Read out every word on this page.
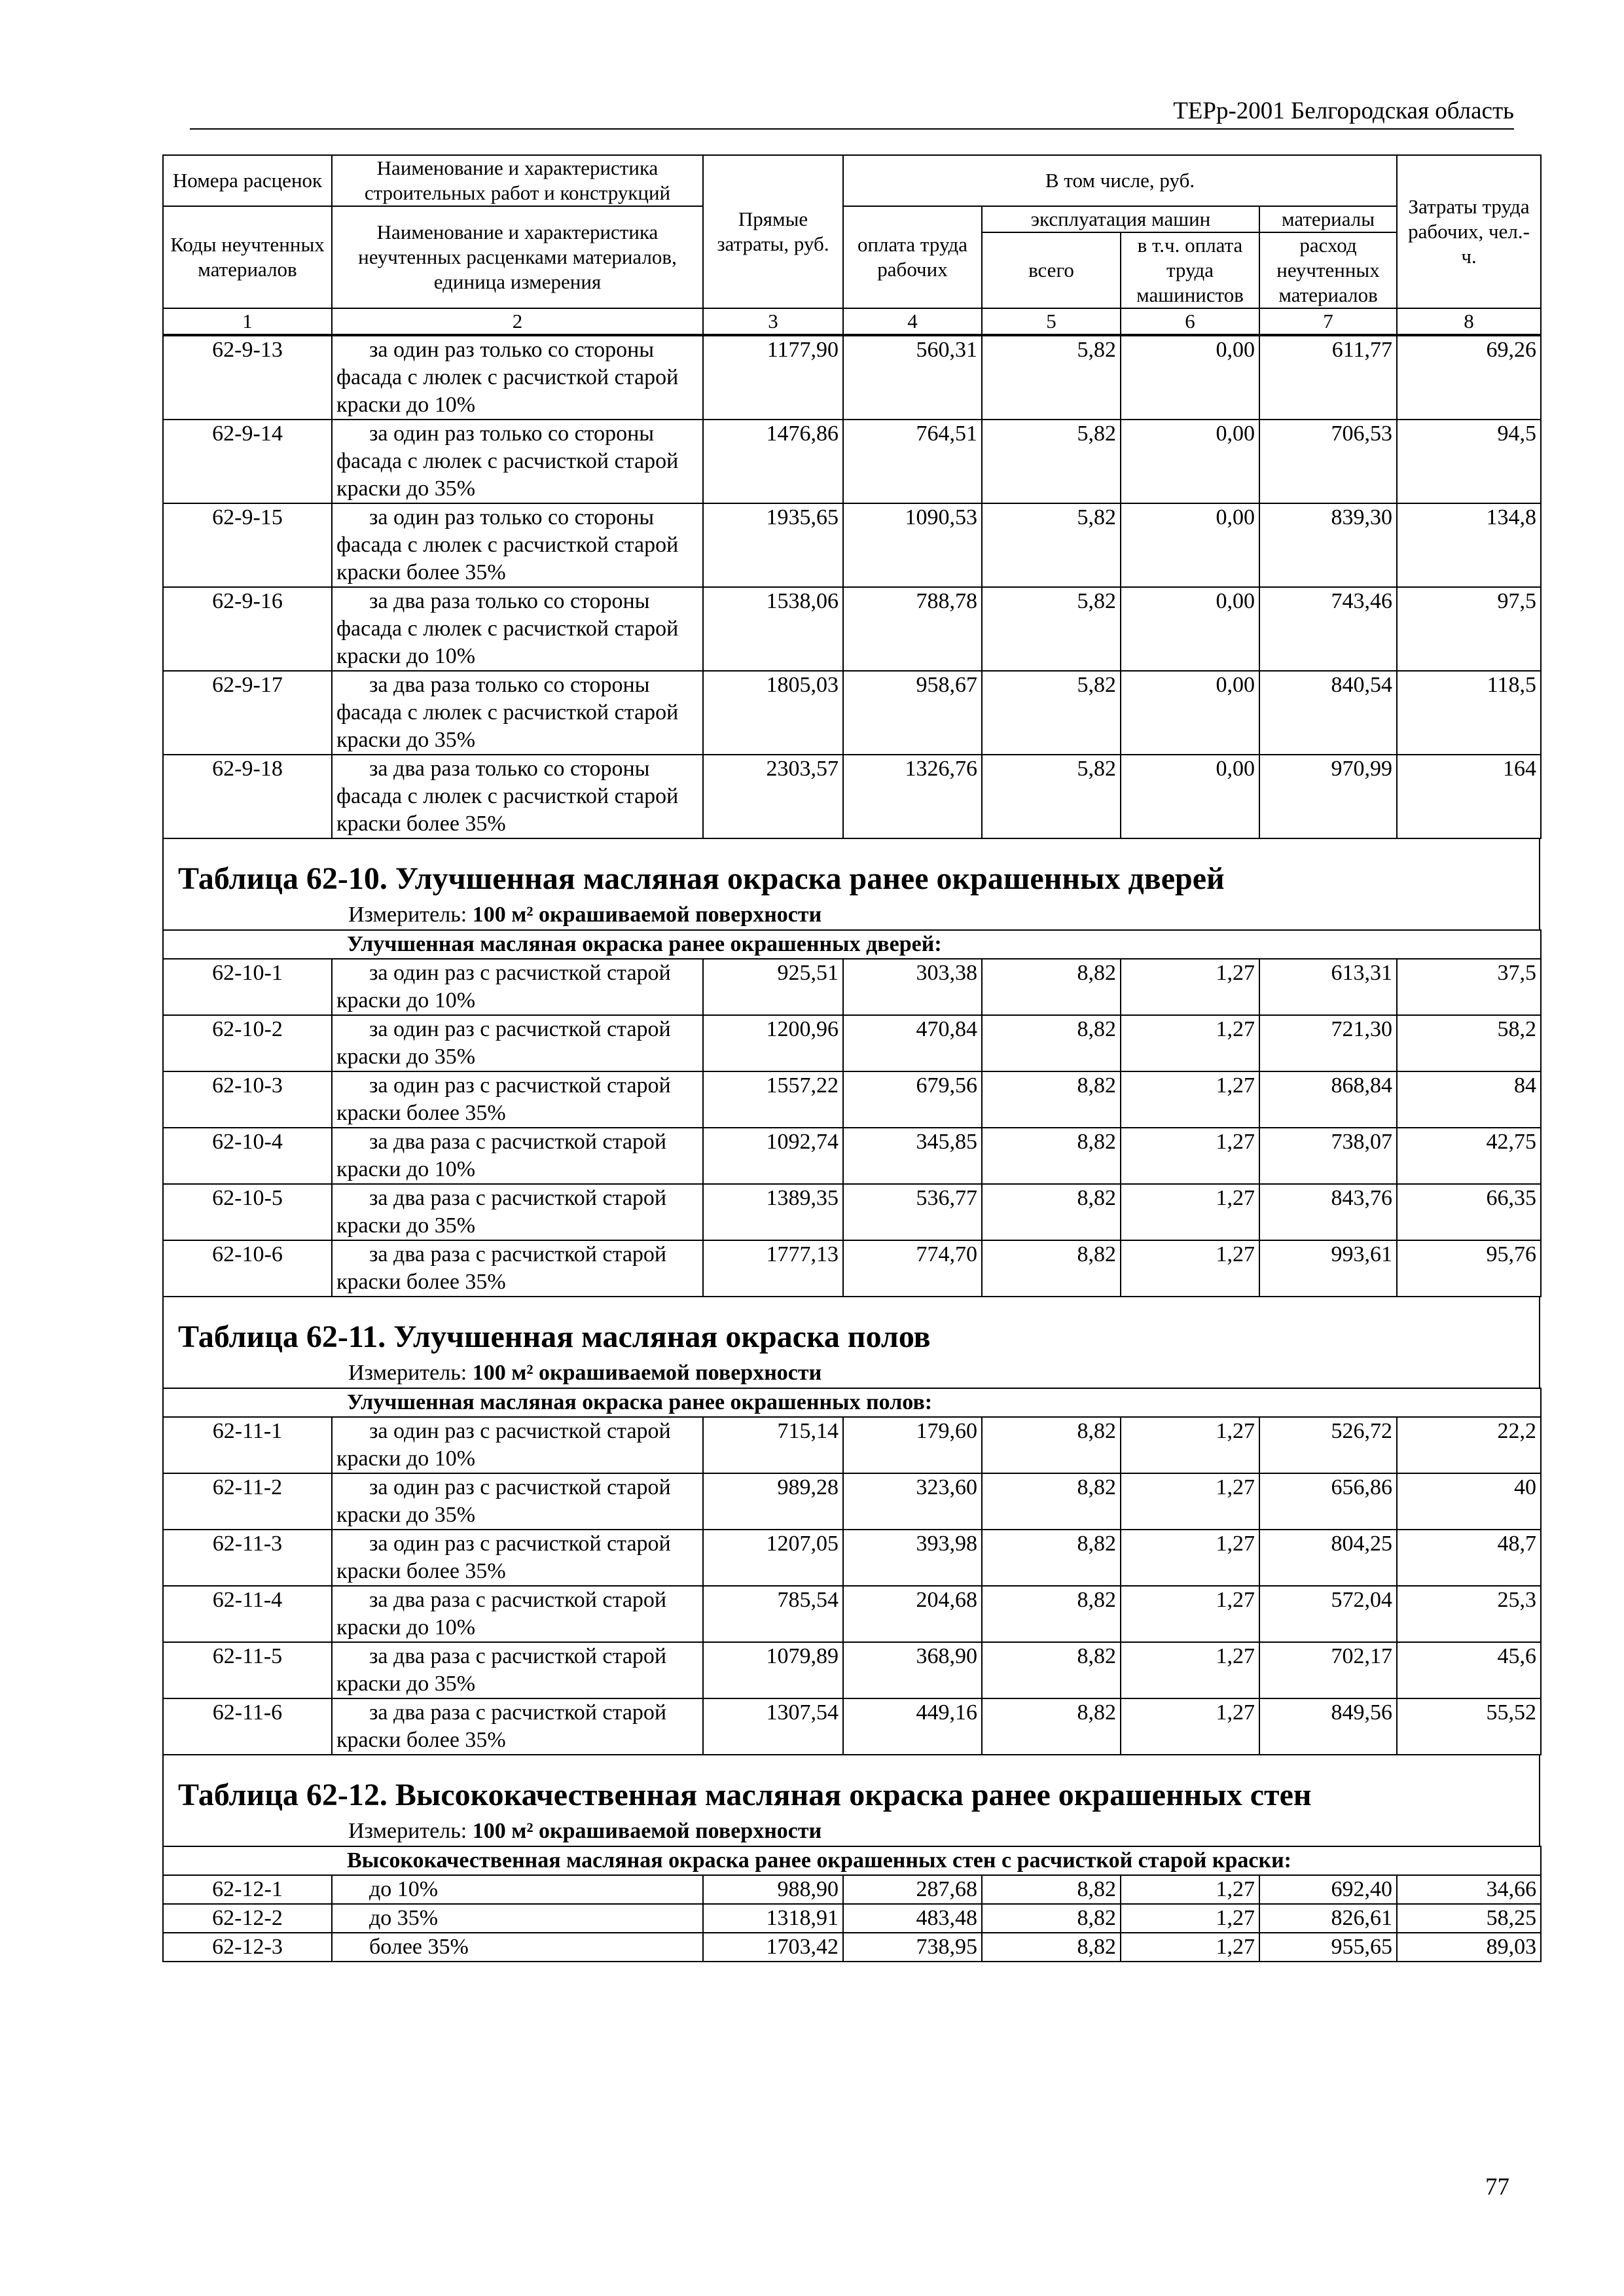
ТЕРр-2001 Белгородская область
Номера расценок	Наименование и характеристика строительных работ и конструкций	Прямые затраты, руб.	В том числе, руб.				Затраты труда рабочих, чел.-ч.
Коды неучтенных материалов	Наименование и характеристика неучтенных расценками материалов, единица измерения		оплата труда рабочих	эксплуатация машин		материалы	
				всего	в т.ч. оплата труда машинистов	расход неучтенных материалов	
1	2	3	4	5	6	7	8
62-9-13	за один раз только со стороны фасада с люлек с расчисткой старой краски до 10%	1177,90	560,31	5,82	0,00	611,77	69,26
62-9-14	за один раз только со стороны фасада с люлек с расчисткой старой краски до 35%	1476,86	764,51	5,82	0,00	706,53	94,5
62-9-15	за один раз только со стороны фасада с люлек с расчисткой старой краски более 35%	1935,65	1090,53	5,82	0,00	839,30	134,8
62-9-16	за два раза только со стороны фасада с люлек с расчисткой старой краски до 10%	1538,06	788,78	5,82	0,00	743,46	97,5
62-9-17	за два раза только со стороны фасада с люлек с расчисткой старой краски до 35%	1805,03	958,67	5,82	0,00	840,54	118,5
62-9-18	за два раза только со стороны фасада с люлек с расчисткой старой краски более 35%	2303,57	1326,76	5,82	0,00	970,99	164
Таблица 62-10. Улучшенная масляная окраска ранее окрашенных дверей
Измеритель: 100 м² окрашиваемой поверхности
Улучшенная масляная окраска ранее окрашенных дверей:							
62-10-1	за один раз с расчисткой старой краски до 10%	925,51	303,38	8,82	1,27	613,31	37,5
62-10-2	за один раз с расчисткой старой краски до 35%	1200,96	470,84	8,82	1,27	721,30	58,2
62-10-3	за один раз с расчисткой старой краски более 35%	1557,22	679,56	8,82	1,27	868,84	84
62-10-4	за два раза с расчисткой старой краски до 10%	1092,74	345,85	8,82	1,27	738,07	42,75
62-10-5	за два раза с расчисткой старой краски до 35%	1389,35	536,77	8,82	1,27	843,76	66,35
62-10-6	за два раза с расчисткой старой краски более 35%	1777,13	774,70	8,82	1,27	993,61	95,76
Таблица 62-11. Улучшенная масляная окраска полов
Измеритель: 100 м² окрашиваемой поверхности
Улучшенная масляная окраска ранее окрашенных полов:							
62-11-1	за один раз с расчисткой старой краски до 10%	715,14	179,60	8,82	1,27	526,72	22,2
62-11-2	за один раз с расчисткой старой краски до 35%	989,28	323,60	8,82	1,27	656,86	40
62-11-3	за один раз с расчисткой старой краски более 35%	1207,05	393,98	8,82	1,27	804,25	48,7
62-11-4	за два раза с расчисткой старой краски до 10%	785,54	204,68	8,82	1,27	572,04	25,3
62-11-5	за два раза с расчисткой старой краски до 35%	1079,89	368,90	8,82	1,27	702,17	45,6
62-11-6	за два раза с расчисткой старой краски более 35%	1307,54	449,16	8,82	1,27	849,56	55,52
Таблица 62-12. Высококачественная масляная окраска ранее окрашенных стен
Измеритель: 100 м² окрашиваемой поверхности
Высококачественная масляная окраска ранее окрашенных стен с расчисткой старой краски:							
62-12-1	до 10%	988,90	287,68	8,82	1,27	692,40	34,66
62-12-2	до 35%	1318,91	483,48	8,82	1,27	826,61	58,25
62-12-3	более 35%	1703,42	738,95	8,82	1,27	955,65	89,03
77
